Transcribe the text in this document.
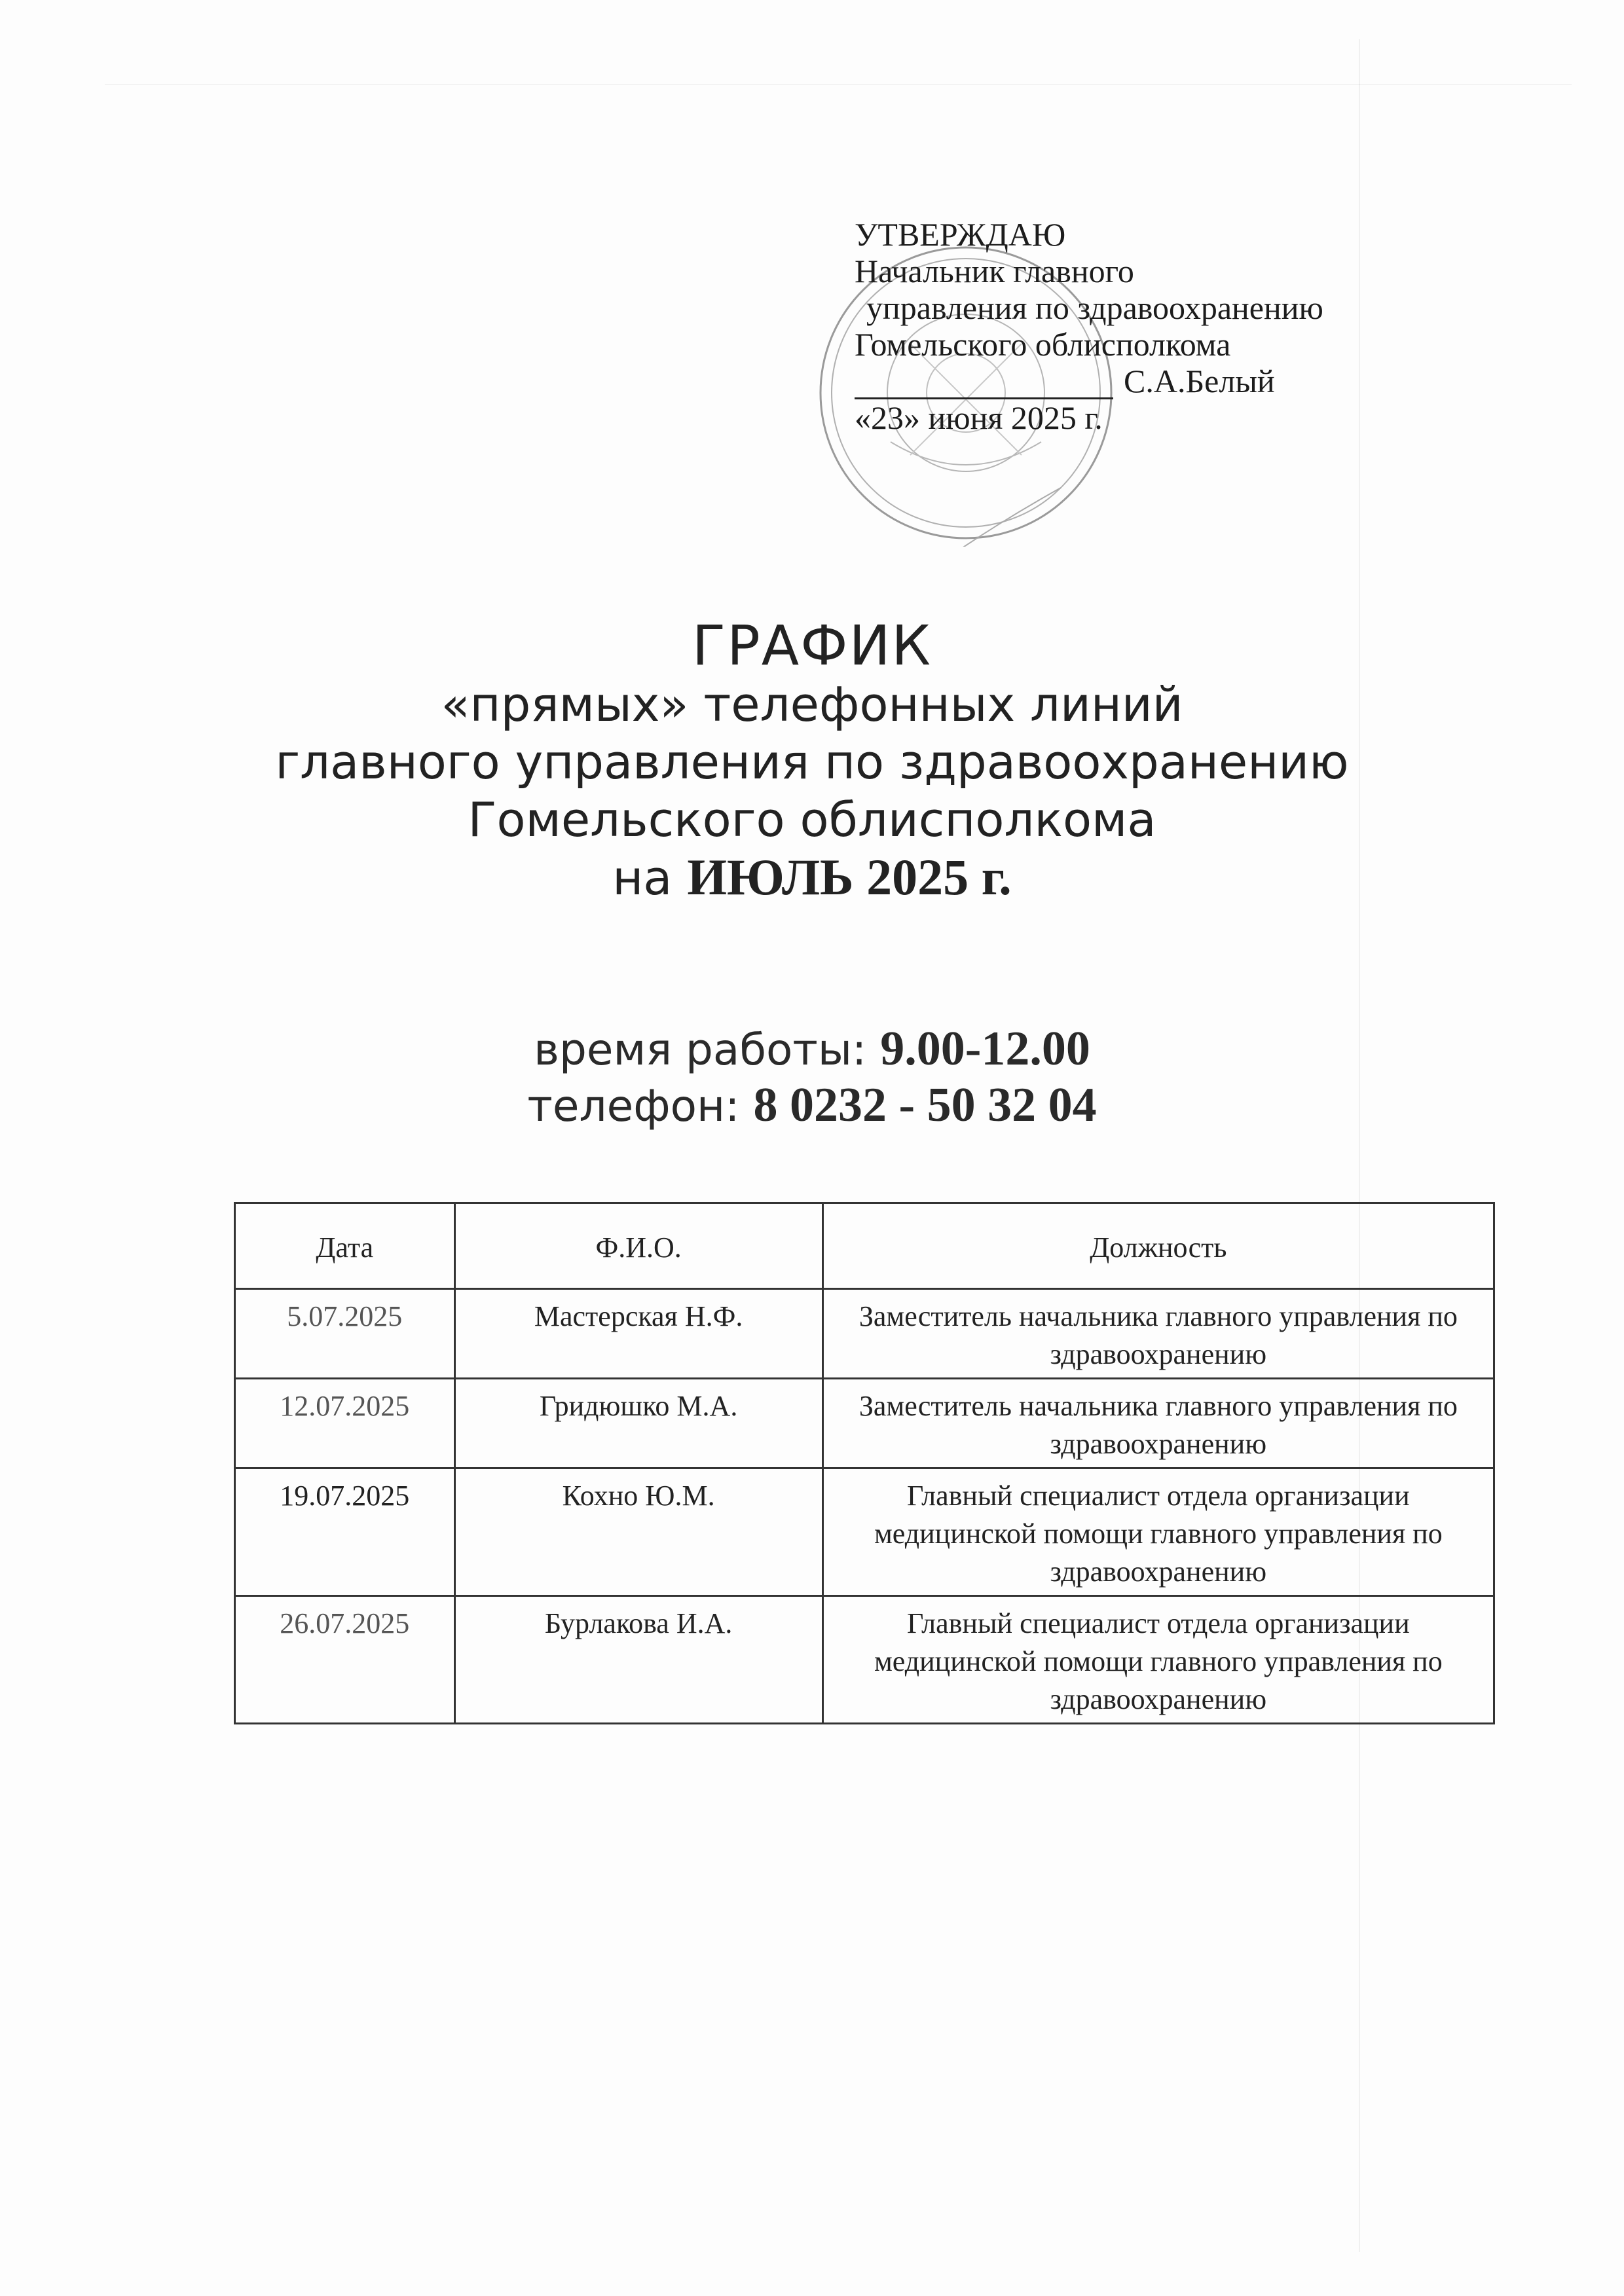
УТВЕРЖДАЮ
Начальник главного
управления по здравоохранению
Гомельского облисполкома
С.А.Белый
«23» июня 2025 г.
ГРАФИК
«прямых» телефонных линий
главного управления по здравоохранению
Гомельского облисполкома
на ИЮЛЬ 2025 г.
время работы: 9.00-12.00
телефон: 8 0232 - 50 32 04
Дата	Ф.И.О.	Должность
5.07.2025	Мастерская Н.Ф.	Заместитель начальника главного управления по здравоохранению
12.07.2025	Гридюшко М.А.	Заместитель начальника главного управления по здравоохранению
19.07.2025	Кохно Ю.М.	Главный специалист отдела организации медицинской помощи главного управления по здравоохранению
26.07.2025	Бурлакова И.А.	Главный специалист отдела организации медицинской помощи главного управления по здравоохранению
